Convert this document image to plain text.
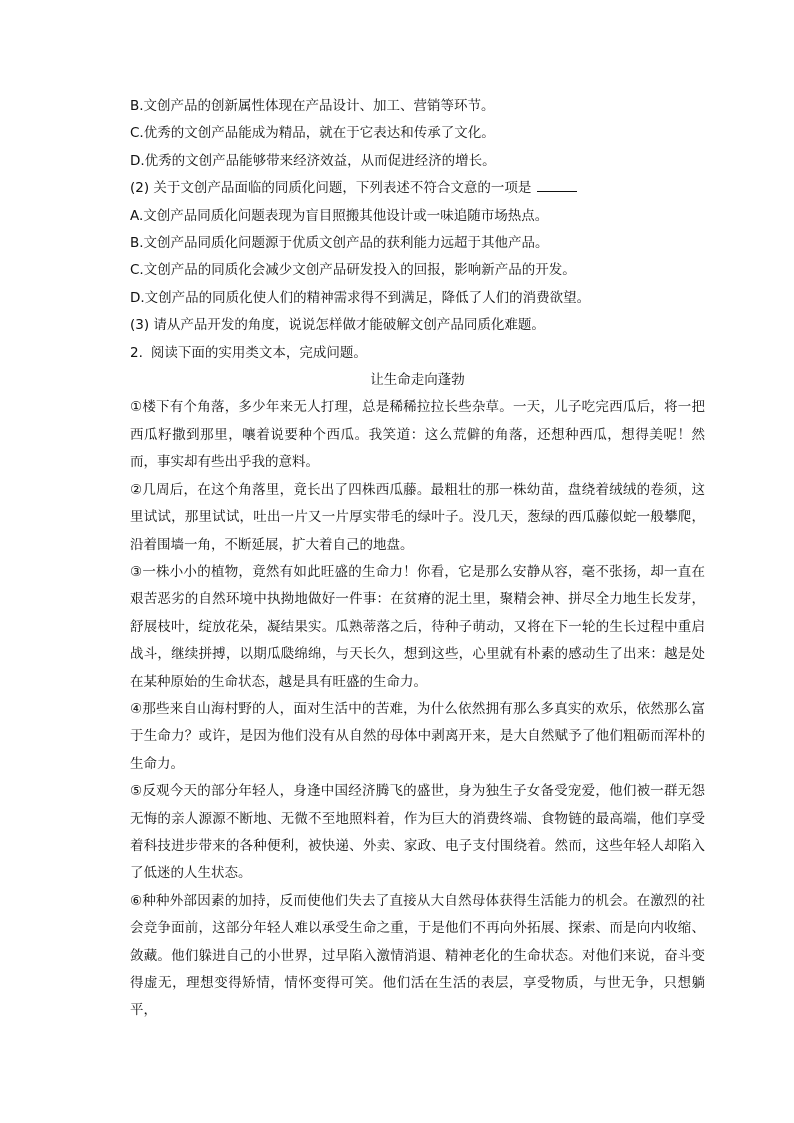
B.文创产品的创新属性体现在产品设计、加工、营销等环节。
C.优秀的文创产品能成为精品，就在于它表达和传承了文化。
D.优秀的文创产品能够带来经济效益，从而促进经济的增长。
(2) 关于文创产品面临的同质化问题，下列表述不符合文意的一项是
A.文创产品同质化问题表现为盲目照搬其他设计或一味追随市场热点。
B.文创产品同质化问题源于优质文创产品的获利能力远超于其他产品。
C.文创产品的同质化会减少文创产品研发投入的回报，影响新产品的开发。
D.文创产品的同质化使人们的精神需求得不到满足，降低了人们的消费欲望。
(3) 请从产品开发的角度，说说怎样做才能破解文创产品同质化难题。
2. 阅读下面的实用类文本，完成问题。
让生命走向蓬勃
①楼下有个角落，多少年来无人打理，总是稀稀拉拉长些杂草。一天，儿子吃完西瓜后，将一把西瓜籽撒到那里，嚷着说要种个西瓜。我笑道：这么荒僻的角落，还想种西瓜，想得美呢！然而，事实却有些出乎我的意料。
②几周后，在这个角落里，竟长出了四株西瓜藤。最粗壮的那一株幼苗，盘绕着绒绒的卷须，这里试试，那里试试，吐出一片又一片厚实带毛的绿叶子。没几天，葱绿的西瓜藤似蛇一般攀爬，沿着围墙一角，不断延展，扩大着自己的地盘。
③一株小小的植物，竟然有如此旺盛的生命力！你看，它是那么安静从容，毫不张扬，却一直在艰苦恶劣的自然环境中执拗地做好一件事：在贫瘠的泥土里，聚精会神、拼尽全力地生长发芽，舒展枝叶，绽放花朵，凝结果实。瓜熟蒂落之后，待种子萌动，又将在下一轮的生长过程中重启战斗，继续拼搏，以期瓜瓞绵绵，与天长久，想到这些，心里就有朴素的感动生了出来：越是处在某种原始的生命状态，越是具有旺盛的生命力。
④那些来自山海村野的人，面对生活中的苦难，为什么依然拥有那么多真实的欢乐，依然那么富于生命力？或许，是因为他们没有从自然的母体中剥离开来，是大自然赋予了他们粗砺而浑朴的生命力。
⑤反观今天的部分年轻人，身逢中国经济腾飞的盛世，身为独生子女备受宠爱，他们被一群无怨无悔的亲人源源不断地、无微不至地照料着，作为巨大的消费终端、食物链的最高端，他们享受着科技进步带来的各种便利，被快递、外卖、家政、电子支付围绕着。然而，这些年轻人却陷入了低迷的人生状态。
⑥种种外部因素的加持，反而使他们失去了直接从大自然母体获得生活能力的机会。在激烈的社会竞争面前，这部分年轻人难以承受生命之重，于是他们不再向外拓展、探索、而是向内收缩、敛藏。他们躲进自己的小世界，过早陷入激情消退、精神老化的生命状态。对他们来说，奋斗变得虚无，理想变得矫情，情怀变得可笑。他们活在生活的表层，享受物质，与世无争，只想躺平，
